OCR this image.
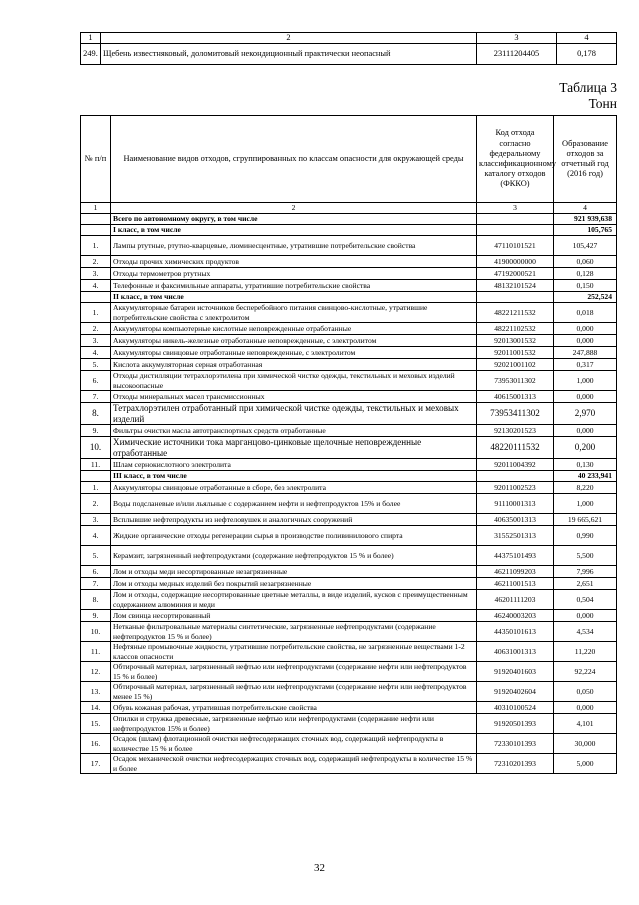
1	2	3	4
249.	Щебень известняковый, доломитовый некондиционный практически неопасный	23111204405	0,178
Таблица 3
Тонн
№ п/п	Наименование видов отходов, сгруппированных по классам опасности для окружающей среды	Код отхода согласно федеральному классификационному каталогу отходов (ФККО)	Образование отходов за отчетный год (2016 год)
1	2	3	4
	Всего по автономному округу, в том числе		921 939,638
	I класс, в том числе		105,765
1.	Лампы ртутные, ртутно-кварцевые, люминесцентные, утратившие потребительские свойства	47110101521	105,427
2.	Отходы прочих химических продуктов	41900000000	0,060
3.	Отходы термометров ртутных	47192000521	0,128
4.	Телефонные и факсимильные аппараты, утратившие потребительские свойства	48132101524	0,150
	II класс, в том числе		252,524
1.	Аккумуляторные батареи источников бесперебойного питания свинцово-кислотные, утратившие потребительские свойства с электролитом	48221211532	0,018
2.	Аккумуляторы компьютерные кислотные неповрежденные отработанные	48221102532	0,000
3.	Аккумуляторы никель-железные отработанные неповрежденные, с электролитом	92013001532	0,000
4.	Аккумуляторы свинцовые отработанные неповрежденные, с электролитом	92011001532	247,888
5.	Кислота аккумуляторная серная отработанная	92021001102	0,317
6.	Отходы дистилляции тетрахлорэтилена при химической чистке одежды, текстильных и меховых изделий высокоопасные	73953011302	1,000
7.	Отходы минеральных масел трансмиссионных	40615001313	0,000
8.	Тетрахлорэтилен отработанный при химической чистке одежды, текстильных и меховых изделий	73953411302	2,970
9.	Фильтры очистки масла автотранспортных средств отработанные	92130201523	0,000
10.	Химические источники тока марганцово-цинковые щелочные неповрежденные отработанные	48220111532	0,200
11.	Шлам сернокислотного электролита	92011004392	0,130
	III класс, в том числе		40 233,941
1.	Аккумуляторы свинцовые отработанные в сборе, без электролита	92011002523	8,220
2.	Воды подсланевые и/или льяльные с содержанием нефти и нефтепродуктов 15% и более	91110001313	1,000
3.	Всплывшие нефтепродукты из нефтеловушек и аналогичных сооружений	40635001313	19 665,621
4.	Жидкие органические отходы регенерации сырья в производстве поливинилового спирта	31552501313	0,990
5.	Керамзит, загрязненный нефтепродуктами (содержание нефтепродуктов 15 % и более)	44375101493	5,500
6.	Лом и отходы меди несортированные незагрязненные	46211099203	7,996
7.	Лом и отходы медных изделий без покрытий незагрязненные	46211001513	2,651
8.	Лом и отходы, содержащие несортированные цветные металлы, в виде изделий, кусков с преимущественным содержанием алюминия и меди	46201111203	0,504
9.	Лом свинца несортированный	46240003203	0,000
10.	Нетканые фильтровальные материалы синтетические, загрязненные нефтепродуктами (содержание нефтепродуктов 15 % и более)	44350101613	4,534
11.	Нефтяные промывочные жидкости, утратившие потребительские свойства, не загрязненные веществами 1-2 классов опасности	40631001313	11,220
12.	Обтирочный материал, загрязненный нефтью или нефтепродуктами (содержание нефти или нефтепродуктов 15 % и более)	91920401603	92,224
13.	Обтирочный материал, загрязненный нефтью или нефтепродуктами (содержание нефти или нефтепродуктов менее 15 %)	91920402604	0,050
14.	Обувь кожаная рабочая, утратившая потребительские свойства	40310100524	0,000
15.	Опилки и стружка древесные, загрязненные нефтью или нефтепродуктами (содержание нефти или нефтепродуктов 15% и более)	91920501393	4,101
16.	Осадок (шлам) флотационной очистки нефтесодержащих сточных вод, содержащий нефтепродукты в количестве 15 % и более	72330101393	30,000
17.	Осадок механической очистки нефтесодержащих сточных вод, содержащий нефтепродукты в количестве 15 % и более	72310201393	5,000
32
